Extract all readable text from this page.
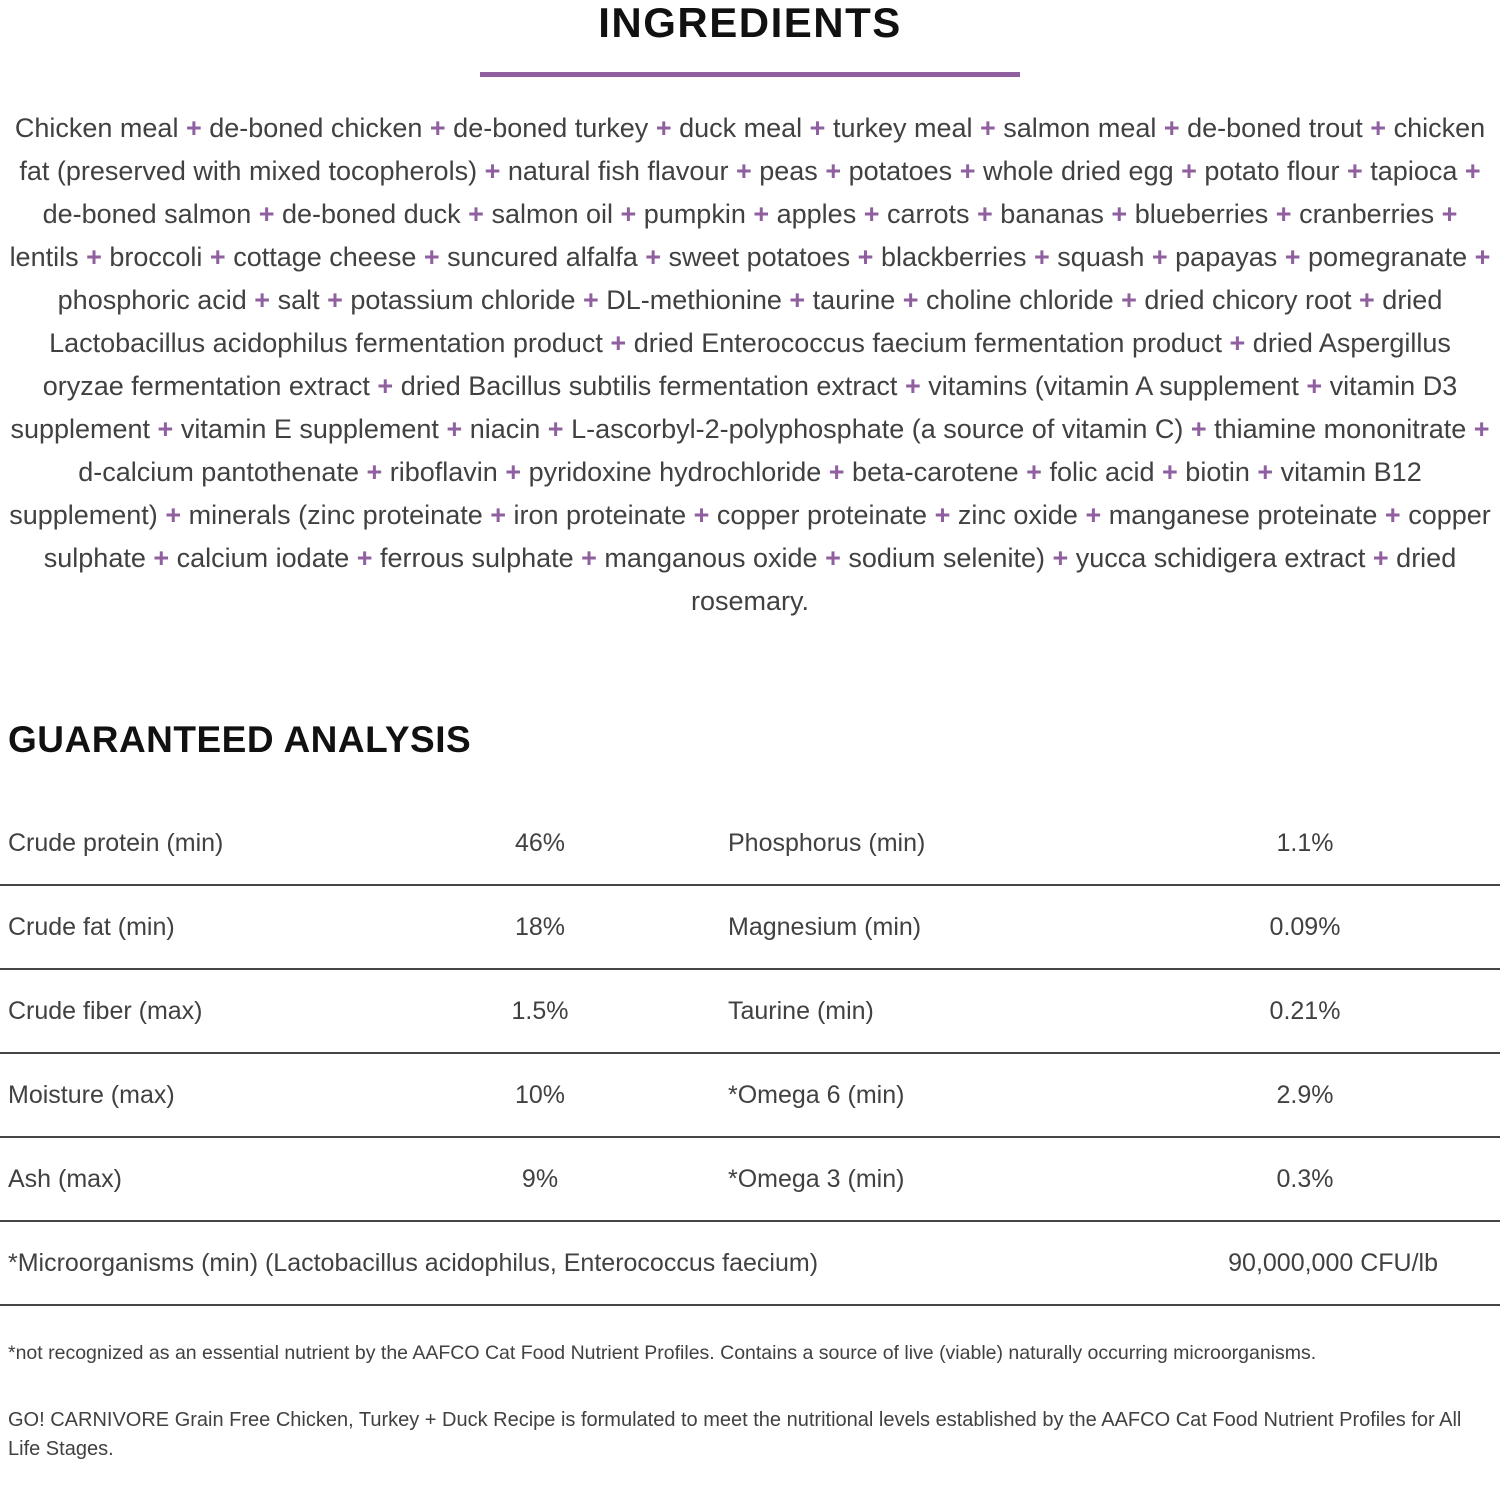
INGREDIENTS
Chicken meal + de-boned chicken + de-boned turkey + duck meal + turkey meal + salmon meal + de-boned trout + chicken fat (preserved with mixed tocopherols) + natural fish flavour + peas + potatoes + whole dried egg + potato flour + tapioca + de-boned salmon + de-boned duck + salmon oil + pumpkin + apples + carrots + bananas + blueberries + cranberries + lentils + broccoli + cottage cheese + suncured alfalfa + sweet potatoes + blackberries + squash + papayas + pomegranate + phosphoric acid + salt + potassium chloride + DL-methionine + taurine + choline chloride + dried chicory root + dried Lactobacillus acidophilus fermentation product + dried Enterococcus faecium fermentation product + dried Aspergillus oryzae fermentation extract + dried Bacillus subtilis fermentation extract + vitamins (vitamin A supplement + vitamin D3 supplement + vitamin E supplement + niacin + L-ascorbyl-2-polyphosphate (a source of vitamin C) + thiamine mononitrate + d-calcium pantothenate + riboflavin + pyridoxine hydrochloride + beta-carotene + folic acid + biotin + vitamin B12 supplement) + minerals (zinc proteinate + iron proteinate + copper proteinate + zinc oxide + manganese proteinate + copper sulphate + calcium iodate + ferrous sulphate + manganous oxide + sodium selenite) + yucca schidigera extract + dried rosemary.
GUARANTEED ANALYSIS
Crude protein (min)	46%	Phosphorus (min)	1.1%
Crude fat (min)	18%	Magnesium (min)	0.09%
Crude fiber (max)	1.5%	Taurine (min)	0.21%
Moisture (max)	10%	*Omega 6 (min)	2.9%
Ash (max)	9%	*Omega 3 (min)	0.3%
*Microorganisms (min) (Lactobacillus acidophilus, Enterococcus faecium)	90,000,000 CFU/lb
*not recognized as an essential nutrient by the AAFCO Cat Food Nutrient Profiles. Contains a source of live (viable) naturally occurring microorganisms.
GO! CARNIVORE Grain Free Chicken, Turkey + Duck Recipe is formulated to meet the nutritional levels established by the AAFCO Cat Food Nutrient Profiles for All Life Stages.
